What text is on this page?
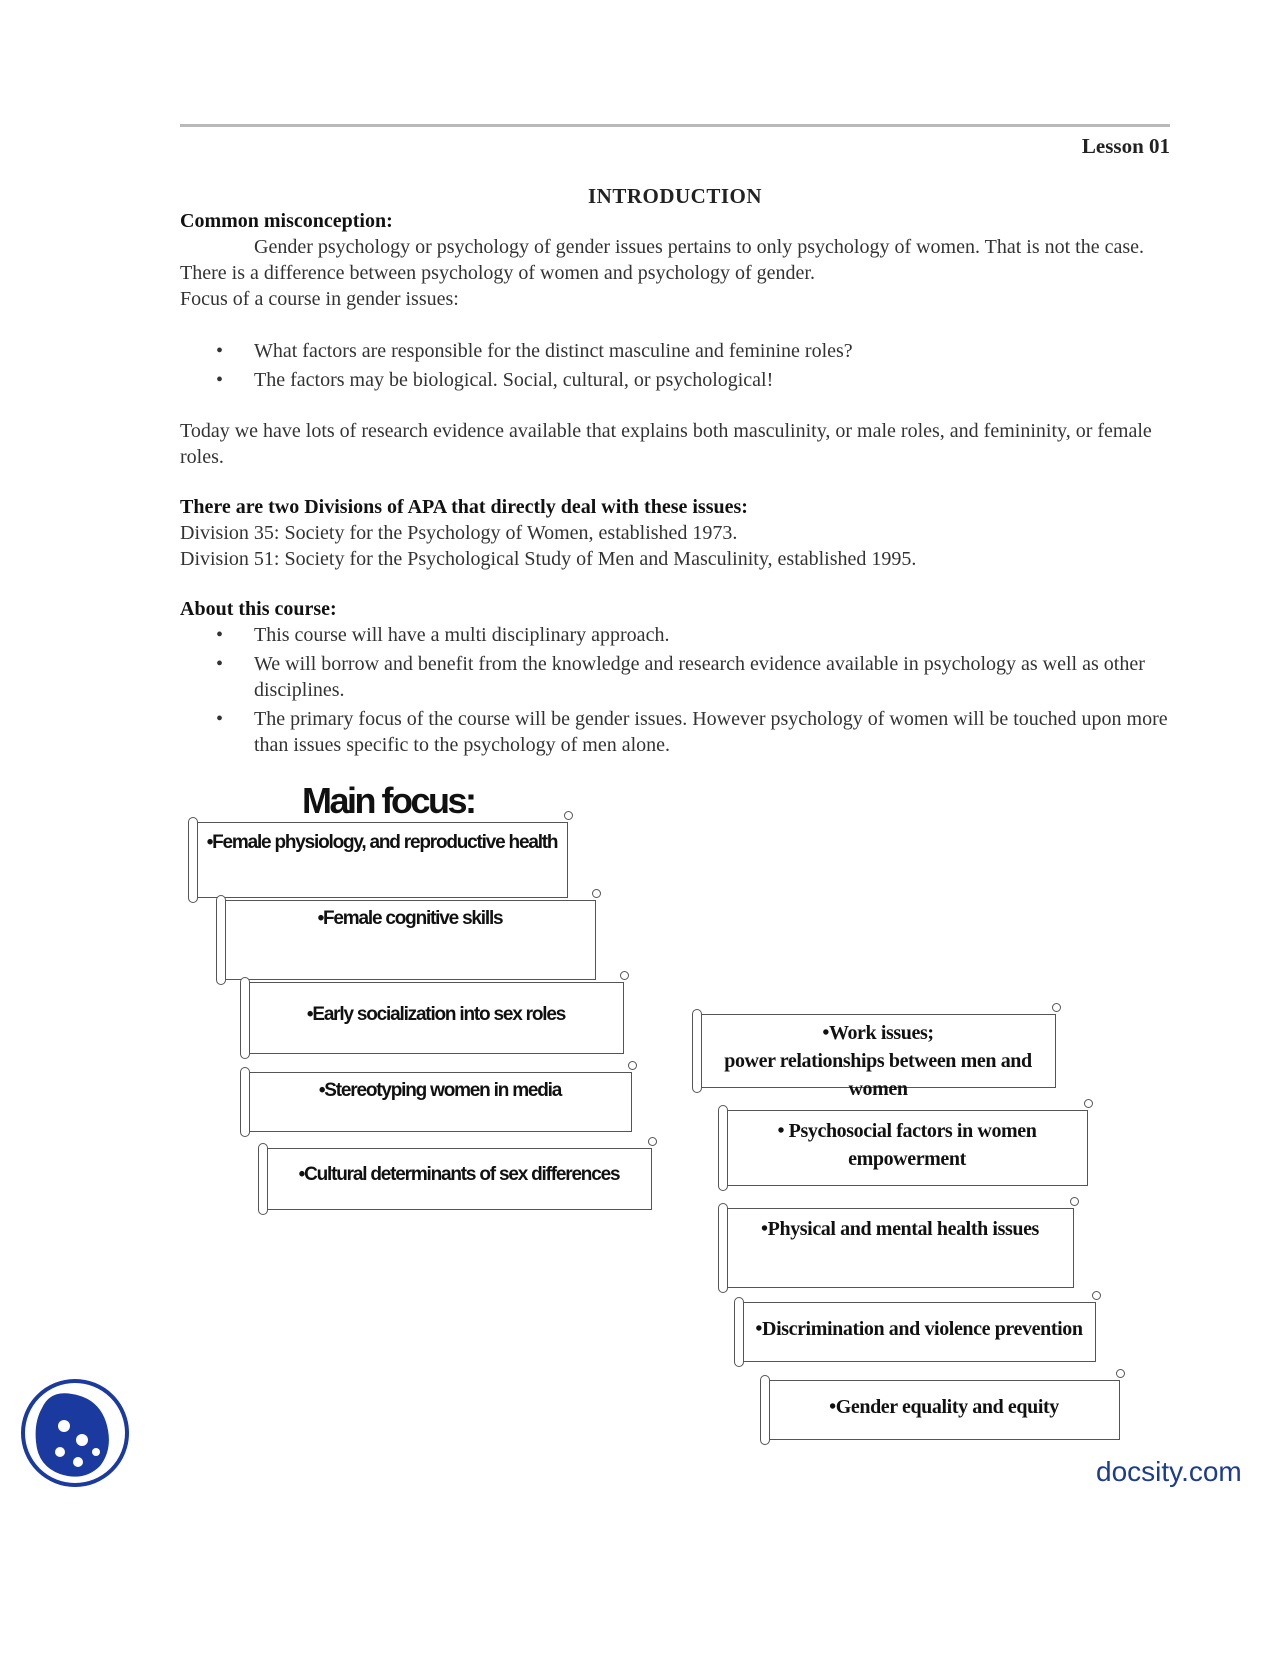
Lesson 01
INTRODUCTION
Common misconception:

Gender psychology or psychology of gender issues pertains to only psychology of women. That is not the case. There is a difference between psychology of women and psychology of gender.

Focus of a course in gender issues:

• What factors are responsible for the distinct masculine and feminine roles?
• The factors may be biological. Social, cultural, or psychological!
Today we have lots of research evidence available that explains both masculinity, or male roles, and femininity, or female roles.
There are two Divisions of APA that directly deal with these issues:
Division 35: Society for the Psychology of Women, established 1973.
Division 51: Society for the Psychological Study of Men and Masculinity, established 1995.
About this course:
• This course will have a multi disciplinary approach.
• We will borrow and benefit from the knowledge and research evidence available in psychology as well as other disciplines.
• The primary focus of the course will be gender issues. However psychology of women will be touched upon more than issues specific to the psychology of men alone.
Main focus:
•Female physiology, and reproductive health
•Female cognitive skills
•Early socialization into sex roles
•Stereotyping women in media
•Cultural determinants of sex differences
•Work issues;
power relationships between men and women
• Psychosocial factors in women empowerment
•Physical and mental health issues
•Discrimination and violence prevention
•Gender equality and equity
docsity.com
